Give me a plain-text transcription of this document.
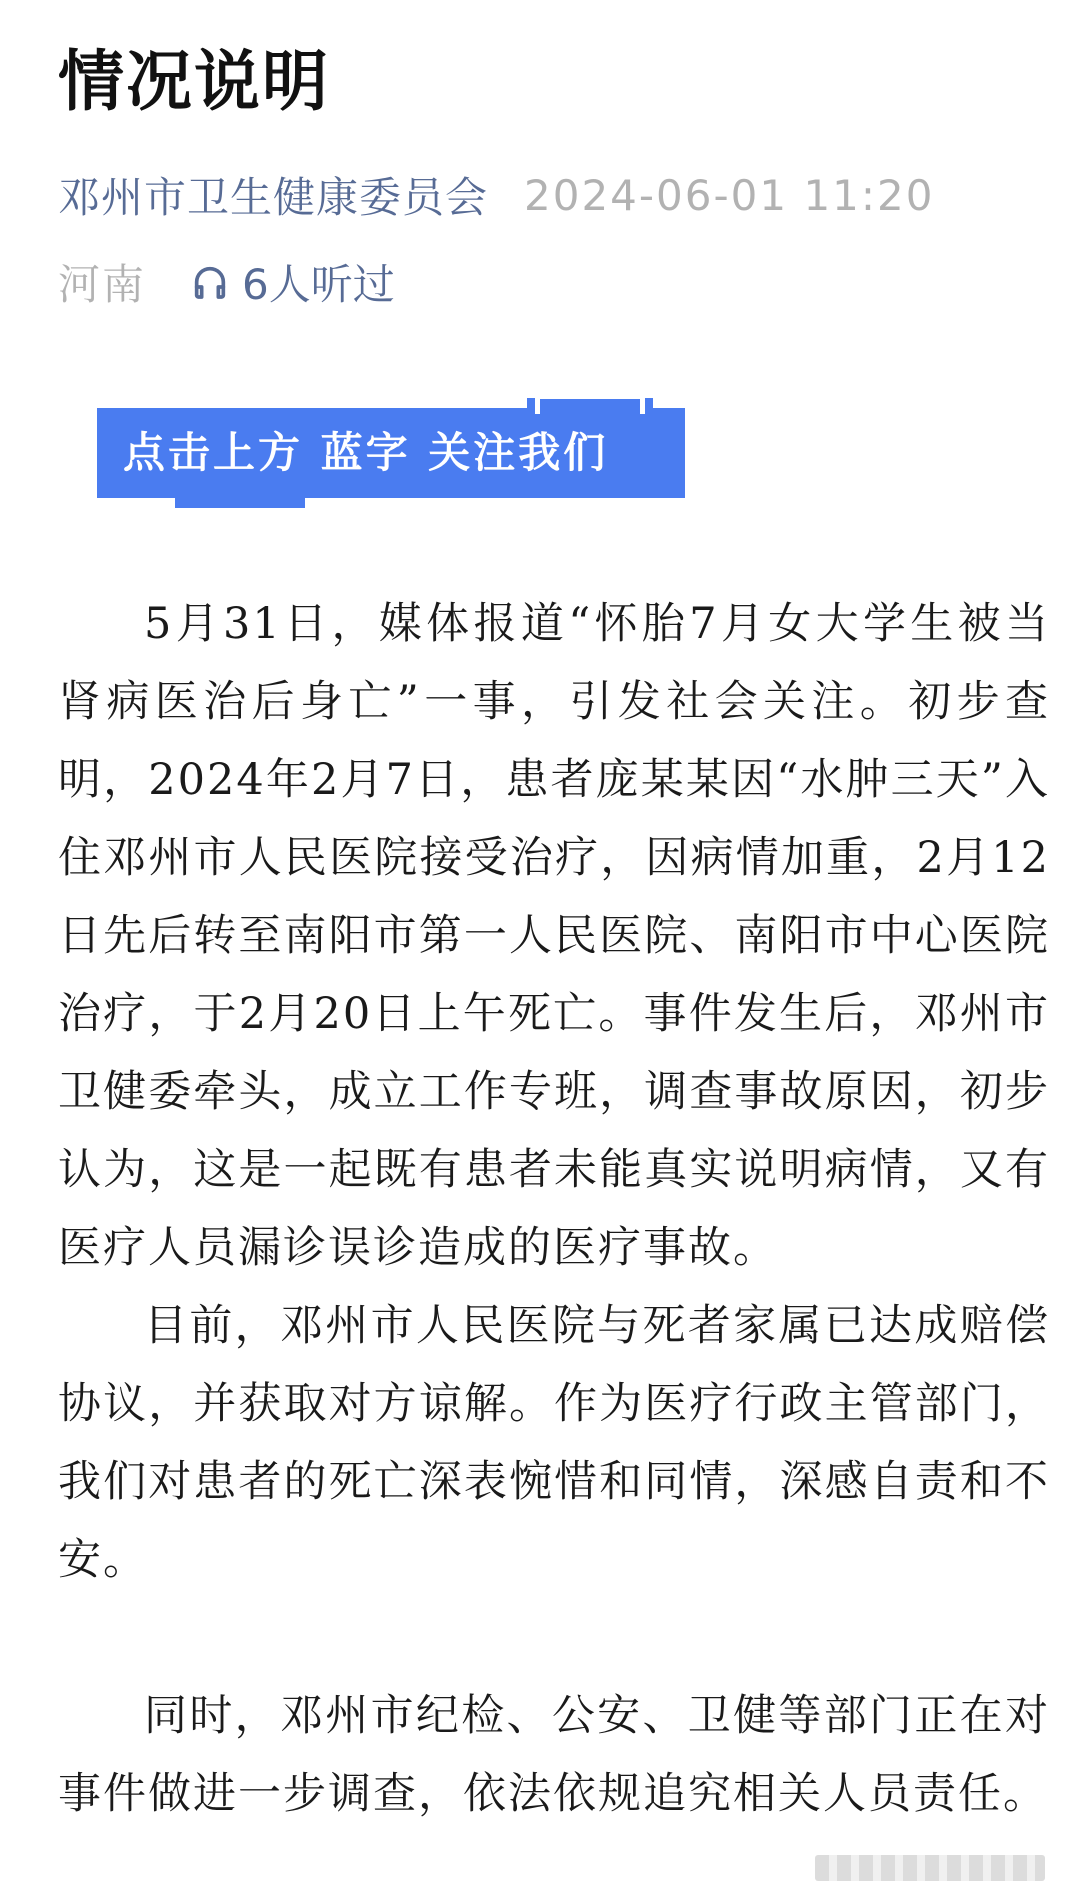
情况说明
邓州市卫生健康委员会 2024-06-01 11:20
河南 6人听过
点击上方 蓝字 关注我们

5月31日，媒体报道“怀胎7月女大学生被当肾病医治后身亡”一事，引发社会关注。初步查明，2024年2月7日，患者庞某某因“水肿三天”入住邓州市人民医院接受治疗，因病情加重，2月12日先后转至南阳市第一人民医院、南阳市中心医院治疗，于2月20日上午死亡。事件发生后，邓州市卫健委牵头，成立工作专班，调查事故原因，初步认为，这是一起既有患者未能真实说明病情，又有医疗人员漏诊误诊造成的医疗事故。

目前，邓州市人民医院与死者家属已达成赔偿协议，并获取对方谅解。作为医疗行政主管部门，我们对患者的死亡深表惋惜和同情，深感自责和不安。

同时，邓州市纪检、公安、卫健等部门正在对事件做进一步调查，依法依规追究相关人员责任。
